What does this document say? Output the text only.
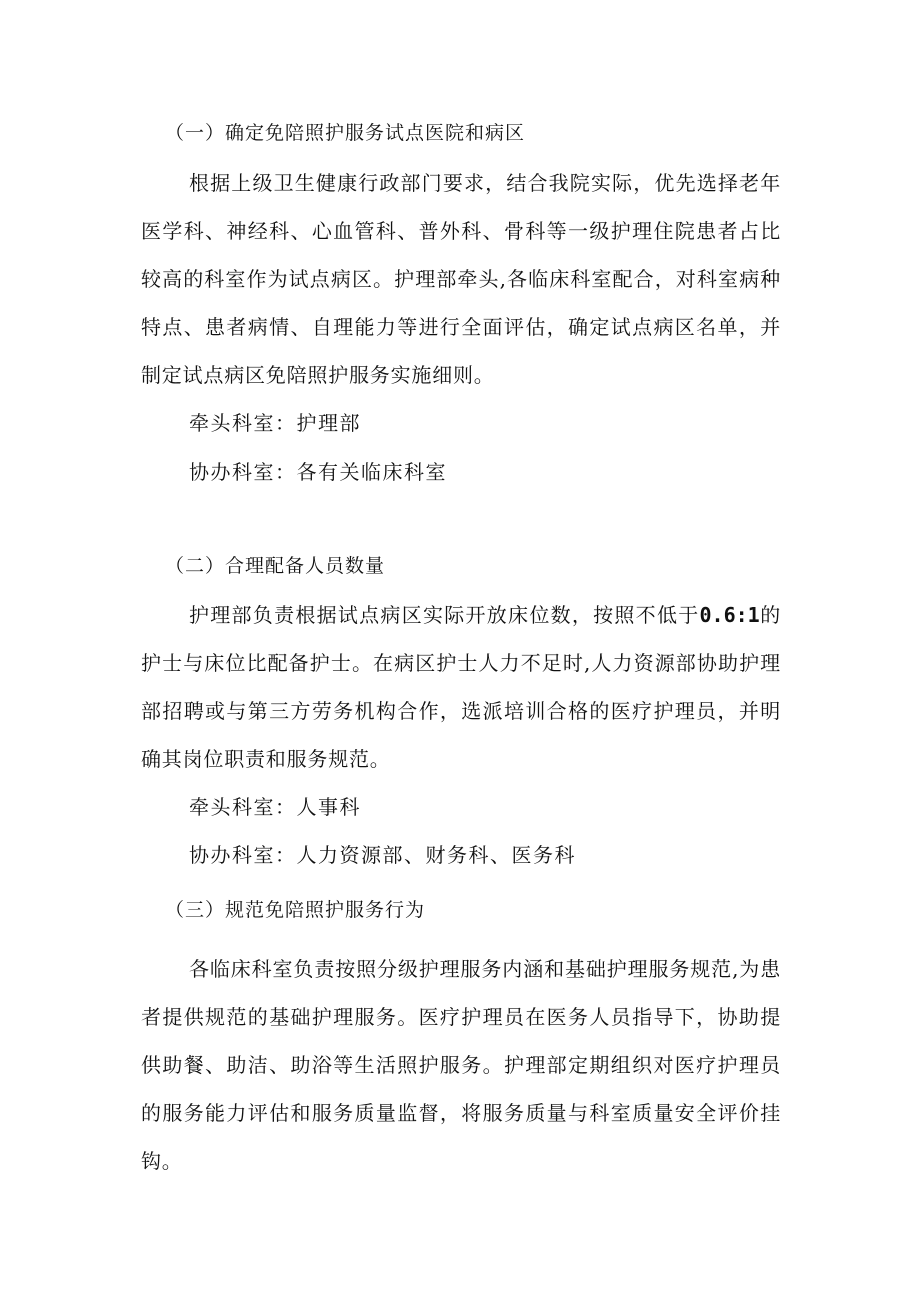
（一）确定免陪照护服务试点医院和病区

根据上级卫生健康行政部门要求，结合我院实际，优先选择老年医学科、神经科、心血管科、普外科、骨科等一级护理住院患者占比较高的科室作为试点病区。护理部牵头,各临床科室配合，对科室病种特点、患者病情、自理能力等进行全面评估，确定试点病区名单，并制定试点病区免陪照护服务实施细则。

牵头科室：护理部
协办科室：各有关临床科室
（二）合理配备人员数量

护理部负责根据试点病区实际开放床位数，按照不低于0.6:1的护士与床位比配备护士。在病区护士人力不足时,人力资源部协助护理部招聘或与第三方劳务机构合作，选派培训合格的医疗护理员，并明确其岗位职责和服务规范。

牵头科室：人事科
协办科室：人力资源部、财务科、医务科
（三）规范免陪照护服务行为

各临床科室负责按照分级护理服务内涵和基础护理服务规范,为患者提供规范的基础护理服务。医疗护理员在医务人员指导下，协助提供助餐、助洁、助浴等生活照护服务。护理部定期组织对医疗护理员的服务能力评估和服务质量监督，将服务质量与科室质量安全评价挂钩。
